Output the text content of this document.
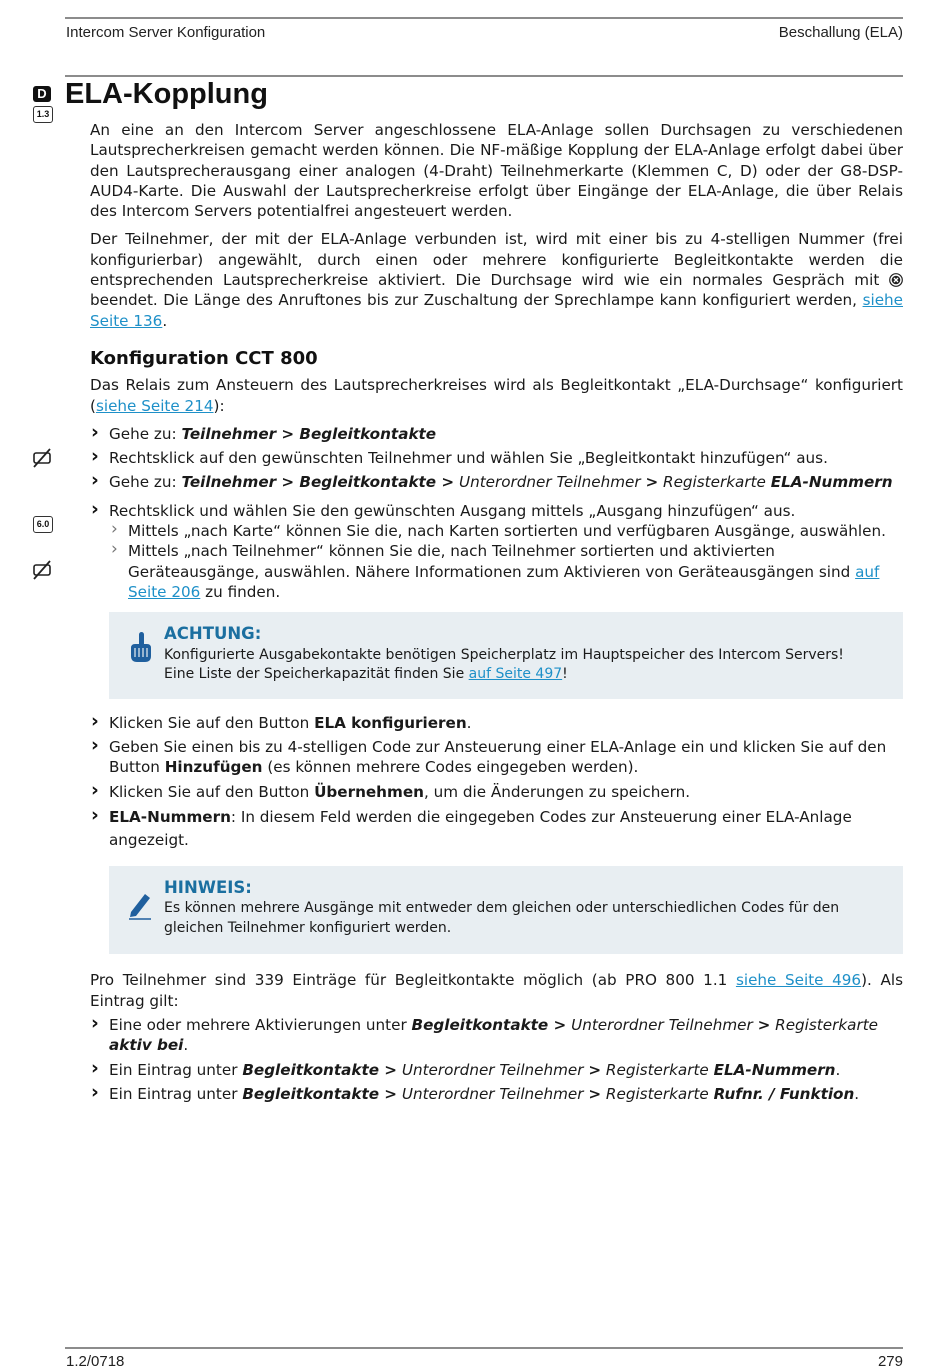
Intercom Server Konfiguration	Beschallung (ELA)
D
1.3
6.0
ELA-Kopplung

An eine an den Intercom Server angeschlossene ELA-Anlage sollen Durchsagen zu verschiedenen Lautsprecherkreisen gemacht werden können. Die NF-mäßige Kopplung der ELA-Anlage erfolgt dabei über den Lautsprecherausgang einer analogen (4-Draht) Teilnehmerkarte (Klemmen C, D) oder der G8-DSP-AUD4-Karte. Die Auswahl der Lautsprecherkreise erfolgt über Eingänge der ELA-Anlage, die über Relais des Intercom Servers potentialfrei angesteuert werden.

Der Teilnehmer, der mit der ELA-Anlage verbunden ist, wird mit einer bis zu 4-stelligen Nummer (frei konfigurierbar) angewählt, durch einen oder mehrere konfigurierte Begleitkontakte werden die entsprechenden Lautsprecherkreise aktiviert. Die Durchsage wird wie ein normales Gespräch mit  beendet. Die Länge des Anruftones bis zur Zuschaltung der Sprechlampe kann konfiguriert werden, siehe Seite 136.

Konfiguration CCT 800

Das Relais zum Ansteuern des Lautsprecherkreises wird als Begleitkontakt „ELA-Durchsage“ konfiguriert (siehe Seite 214):

› Gehe zu: Teilnehmer > Begleitkontakte
› Rechtsklick auf den gewünschten Teilnehmer und wählen Sie „Begleitkontakt hinzufügen“ aus.
› Gehe zu: Teilnehmer > Begleitkontakte > Unterordner Teilnehmer > Registerkarte ELA-Nummern
› Rechtsklick und wählen Sie den gewünschten Ausgang mittels „Ausgang hinzufügen“ aus.
› Mittels „nach Karte“ können Sie die, nach Karten sortierten und verfügbaren Ausgänge, auswählen.
› Mittels „nach Teilnehmer“ können Sie die, nach Teilnehmer sortierten und aktivierten Geräteausgänge, auswählen. Nähere Informationen zum Aktivieren von Geräteausgängen sind auf Seite 206 zu finden.
ACHTUNG:
Konfigurierte Ausgabekontakte benötigen Speicherplatz im Hauptspeicher des Intercom Servers!
Eine Liste der Speicherkapazität finden Sie auf Seite 497!
› Klicken Sie auf den Button ELA konfigurieren.
› Geben Sie einen bis zu 4-stelligen Code zur Ansteuerung einer ELA-Anlage ein und klicken Sie auf den Button Hinzufügen (es können mehrere Codes eingegeben werden).
› Klicken Sie auf den Button Übernehmen, um die Änderungen zu speichern.
› ELA-Nummern: In diesem Feld werden die eingegeben Codes zur Ansteuerung einer ELA-Anlage angezeigt.
HINWEIS:
Es können mehrere Ausgänge mit entweder dem gleichen oder unterschiedlichen Codes für den gleichen Teilnehmer konfiguriert werden.

Pro Teilnehmer sind 339 Einträge für Begleitkontakte möglich (ab PRO 800 1.1 siehe Seite 496). Als Eintrag gilt:

› Eine oder mehrere Aktivierungen unter Begleitkontakte > Unterordner Teilnehmer > Registerkarte aktiv bei.
› Ein Eintrag unter Begleitkontakte > Unterordner Teilnehmer > Registerkarte ELA-Nummern.
› Ein Eintrag unter Begleitkontakte > Unterordner Teilnehmer > Registerkarte Rufnr. / Funktion.
1.2/0718	279
